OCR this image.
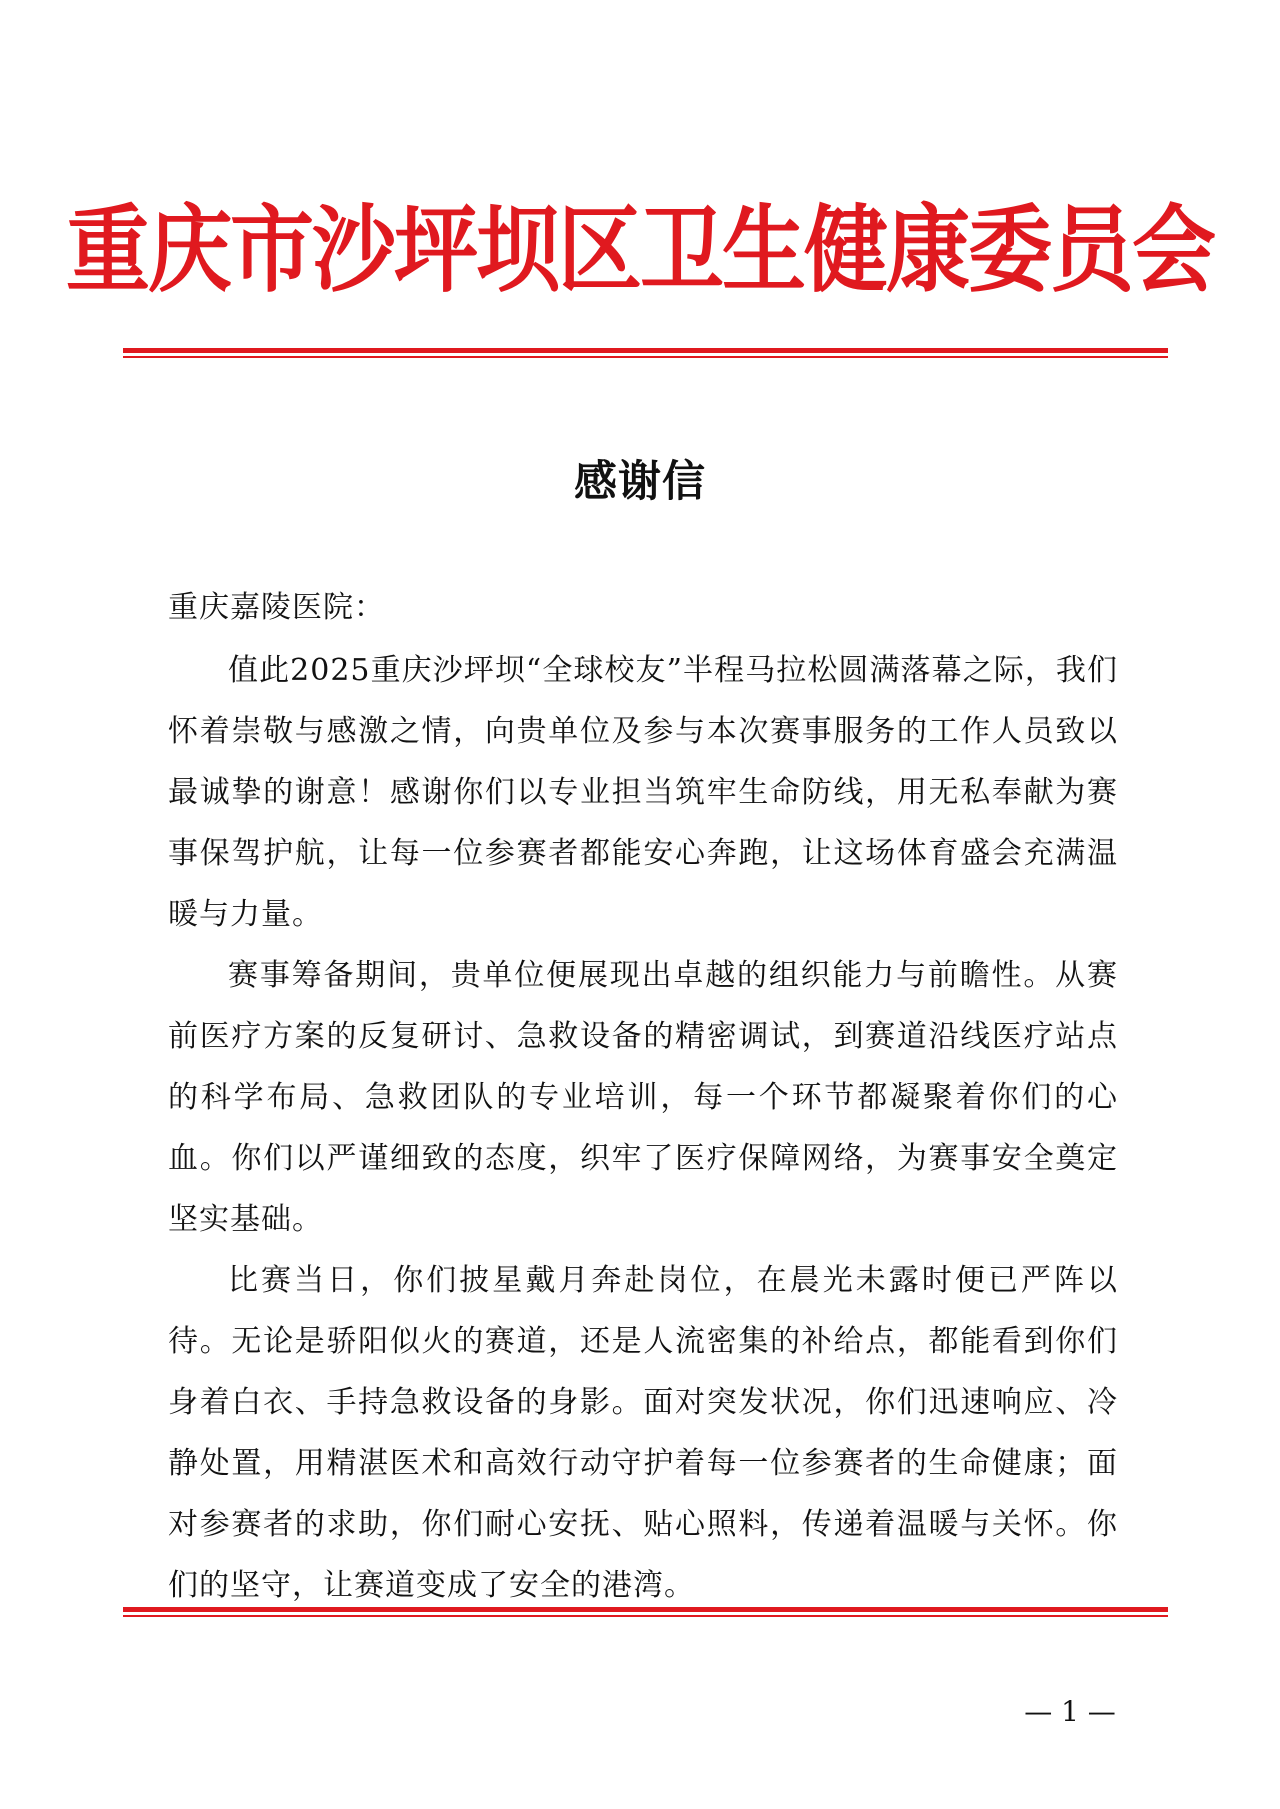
重庆市沙坪坝区卫生健康委员会
感谢信
重庆嘉陵医院：

值此2025重庆沙坪坝“全球校友”半程马拉松圆满落幕之际，我们怀着崇敬与感激之情，向贵单位及参与本次赛事服务的工作人员致以最诚挚的谢意！感谢你们以专业担当筑牢生命防线，用无私奉献为赛事保驾护航，让每一位参赛者都能安心奔跑，让这场体育盛会充满温暖与力量。

赛事筹备期间，贵单位便展现出卓越的组织能力与前瞻性。从赛前医疗方案的反复研讨、急救设备的精密调试，到赛道沿线医疗站点的科学布局、急救团队的专业培训，每一个环节都凝聚着你们的心血。你们以严谨细致的态度，织牢了医疗保障网络，为赛事安全奠定坚实基础。

比赛当日，你们披星戴月奔赴岗位，在晨光未露时便已严阵以待。无论是骄阳似火的赛道，还是人流密集的补给点，都能看到你们身着白衣、手持急救设备的身影。面对突发状况，你们迅速响应、冷静处置，用精湛医术和高效行动守护着每一位参赛者的生命健康；面对参赛者的求助，你们耐心安抚、贴心照料，传递着温暖与关怀。你们的坚守，让赛道变成了安全的港湾。

— 1 —
